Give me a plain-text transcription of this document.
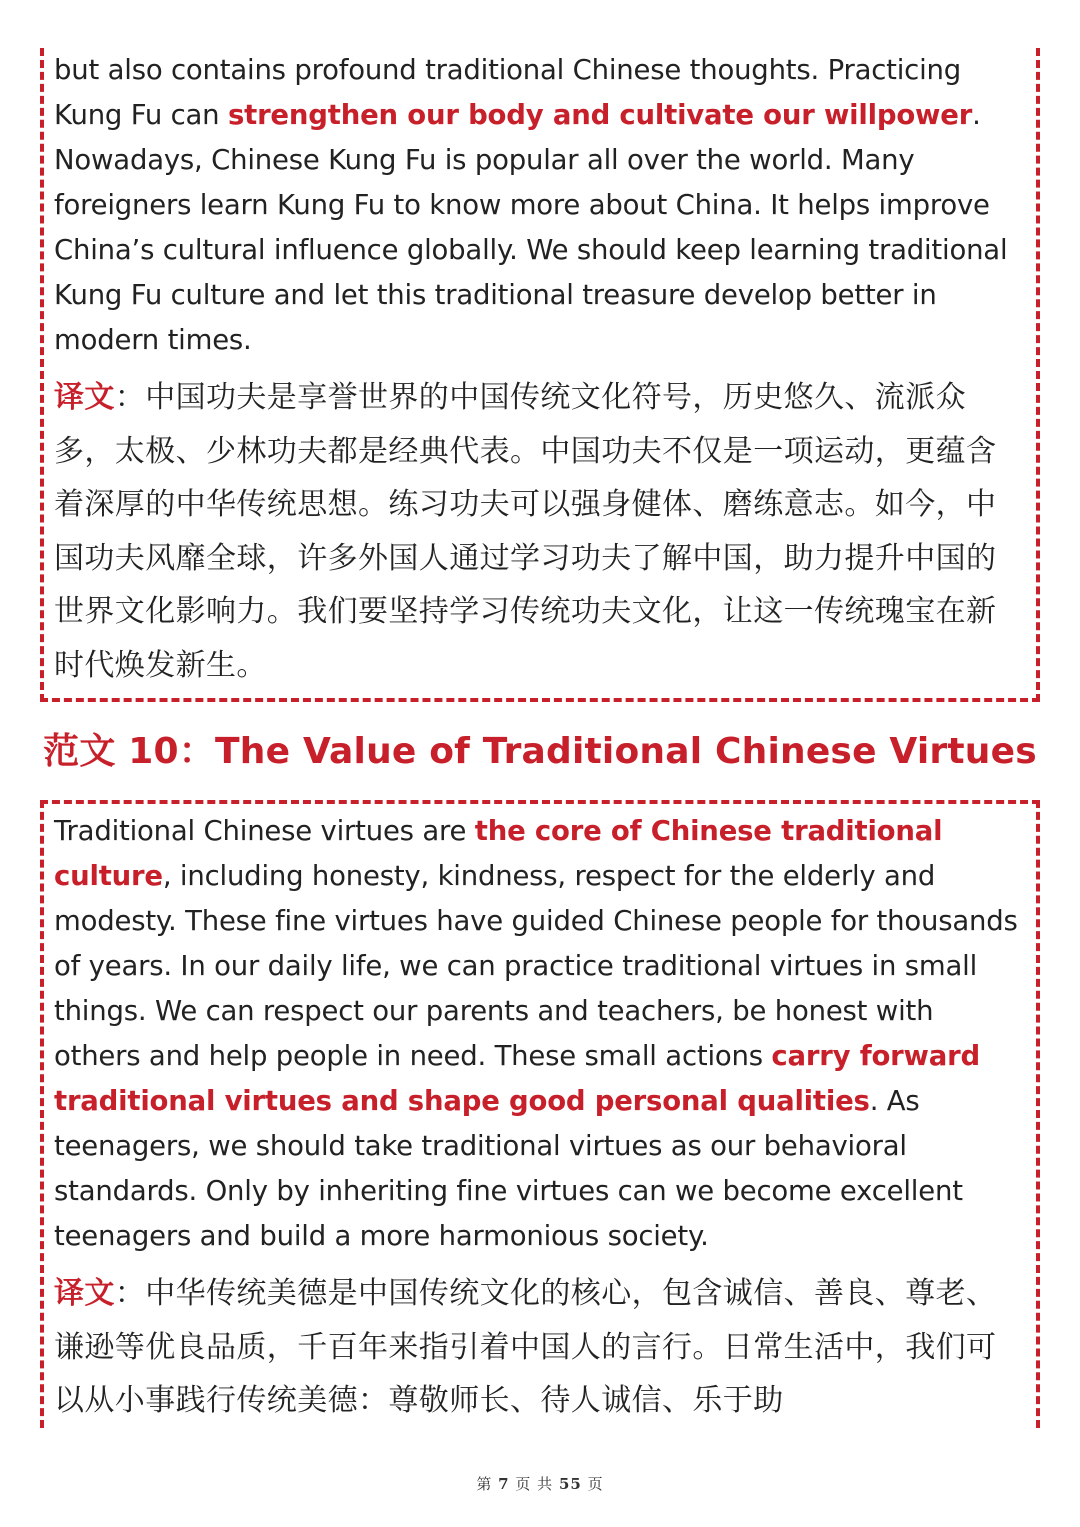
but also contains profound traditional Chinese thoughts. Practicing Kung Fu can strengthen our body and cultivate our willpower. Nowadays, Chinese Kung Fu is popular all over the world. Many foreigners learn Kung Fu to know more about China. It helps improve China’s cultural influence globally. We should keep learning traditional Kung Fu culture and let this traditional treasure develop better in modern times.

译文：中国功夫是享誉世界的中国传统文化符号，历史悠久、流派众多，太极、少林功夫都是经典代表。中国功夫不仅是一项运动，更蕴含着深厚的中华传统思想。练习功夫可以强身健体、磨练意志。如今，中国功夫风靡全球，许多外国人通过学习功夫了解中国，助力提升中国的世界文化影响力。我们要坚持学习传统功夫文化，让这一传统瑰宝在新时代焕发新生。

范文 10：The Value of Traditional Chinese Virtues

Traditional Chinese virtues are the core of Chinese traditional culture, including honesty, kindness, respect for the elderly and modesty. These fine virtues have guided Chinese people for thousands of years. In our daily life, we can practice traditional virtues in small things. We can respect our parents and teachers, be honest with others and help people in need. These small actions carry forward traditional virtues and shape good personal qualities. As teenagers, we should take traditional virtues as our behavioral standards. Only by inheriting fine virtues can we become excellent teenagers and build a more harmonious society.

译文：中华传统美德是中国传统文化的核心，包含诚信、善良、尊老、谦逊等优良品质，千百年来指引着中国人的言行。日常生活中，我们可以从小事践行传统美德：尊敬师长、待人诚信、乐于助

第 7 页 共 55 页
